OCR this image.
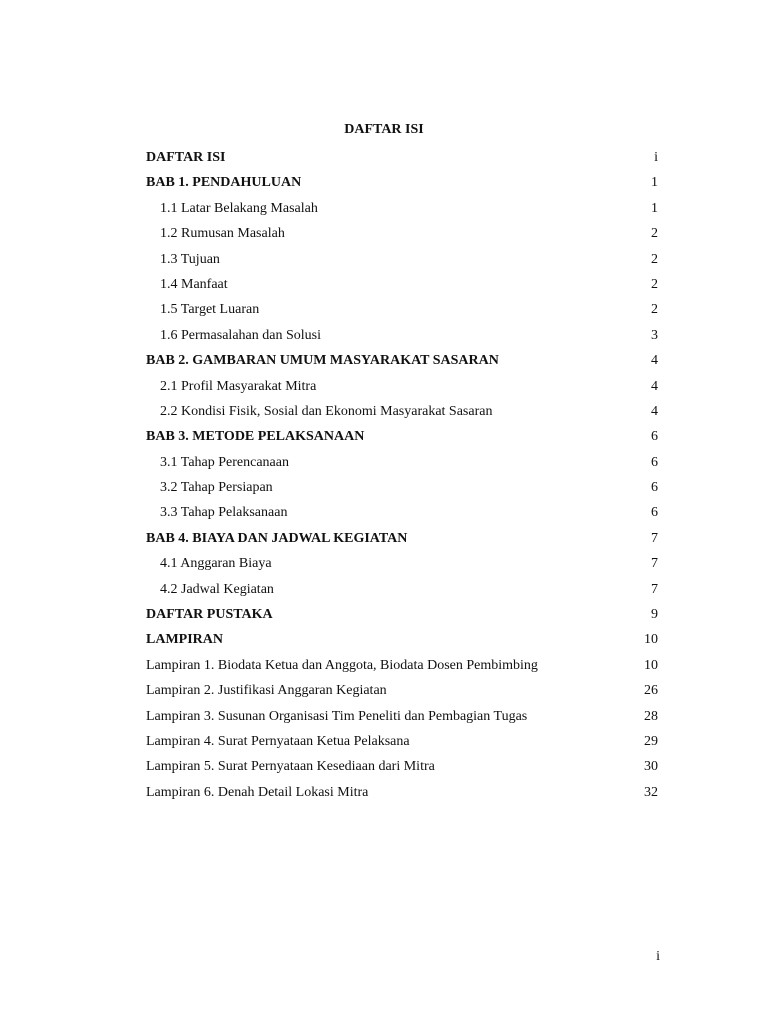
DAFTAR ISI
DAFTAR ISI	i
BAB 1. PENDAHULUAN	1
1.1 Latar Belakang Masalah	1
1.2 Rumusan Masalah	2
1.3 Tujuan	2
1.4 Manfaat	2
1.5 Target Luaran	2
1.6 Permasalahan dan Solusi	3
BAB 2. GAMBARAN UMUM MASYARAKAT SASARAN	4
2.1 Profil Masyarakat Mitra	4
2.2 Kondisi Fisik, Sosial dan Ekonomi Masyarakat Sasaran	4
BAB 3. METODE PELAKSANAAN	6
3.1 Tahap Perencanaan	6
3.2 Tahap Persiapan	6
3.3 Tahap Pelaksanaan	6
BAB 4. BIAYA DAN JADWAL KEGIATAN	7
4.1 Anggaran Biaya	7
4.2 Jadwal Kegiatan	7
DAFTAR PUSTAKA	9
LAMPIRAN	10
Lampiran 1. Biodata Ketua dan Anggota, Biodata Dosen Pembimbing	10
Lampiran 2. Justifikasi Anggaran Kegiatan	26
Lampiran 3. Susunan Organisasi Tim Peneliti dan Pembagian Tugas	28
Lampiran 4. Surat Pernyataan Ketua Pelaksana	29
Lampiran 5. Surat Pernyataan Kesediaan dari Mitra	30
Lampiran 6. Denah Detail Lokasi Mitra	32
i
